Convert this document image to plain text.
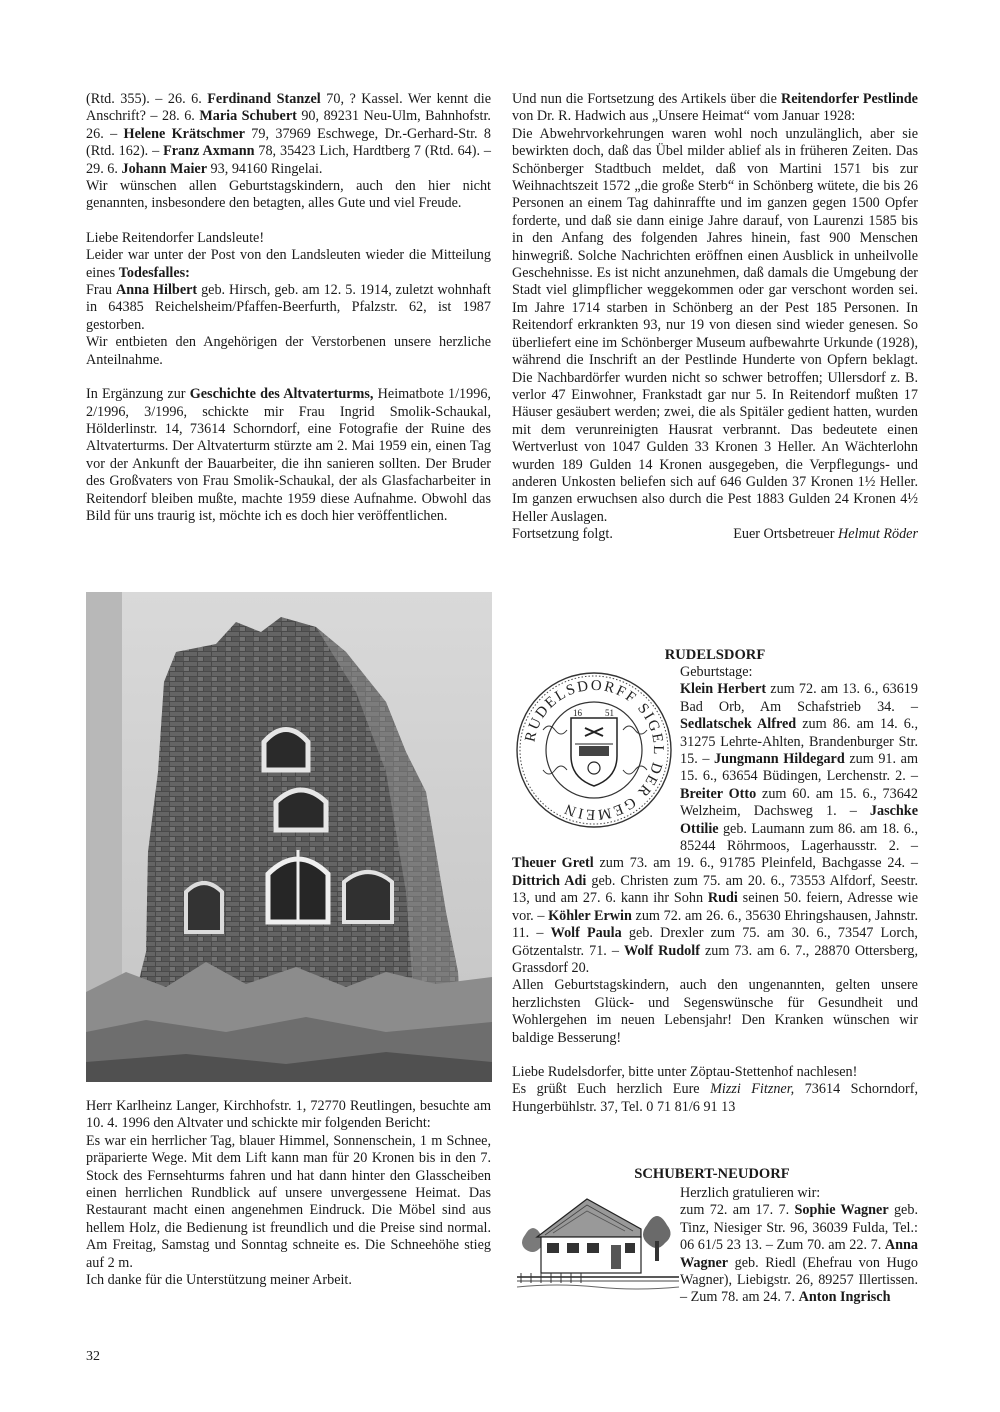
(Rtd. 355). – 26. 6. Ferdinand Stanzel 70, ? Kassel. Wer kennt die Anschrift? – 28. 6. Maria Schubert 90, 89231 Neu-Ulm, Bahnhofstr. 26. – Helene Krätschmer 79, 37969 Eschwege, Dr.-Gerhard-Str. 8 (Rtd. 162). – Franz Axmann 78, 35423 Lich, Hardtberg 7 (Rtd. 64). – 29. 6. Johann Maier 93, 94160 Ringelai.

Wir wünschen allen Geburtstagskindern, auch den hier nicht genannten, insbesondere den betagten, alles Gute und viel Freude.

Liebe Reitendorfer Landsleute!

Leider war unter der Post von den Landsleuten wieder die Mitteilung eines Todesfalles:

Frau Anna Hilbert geb. Hirsch, geb. am 12. 5. 1914, zuletzt wohnhaft in 64385 Reichelsheim/Pfaffen-Beerfurth, Pfalzstr. 62, ist 1987 gestorben.

Wir entbieten den Angehörigen der Verstorbenen unsere herzliche Anteilnahme.

In Ergänzung zur Geschichte des Altvaterturms, Heimatbote 1/1996, 2/1996, 3/1996, schickte mir Frau Ingrid Smolik-Schaukal, Hölderlinstr. 14, 73614 Schorndorf, eine Fotografie der Ruine des Altvaterturms. Der Altvaterturm stürzte am 2. Mai 1959 ein, einen Tag vor der Ankunft der Bauarbeiter, die ihn sanieren sollten. Der Bruder des Großvaters von Frau Smolik-Schaukal, der als Glasfacharbeiter in Reitendorf bleiben mußte, machte 1959 diese Aufnahme. Obwohl das Bild für uns traurig ist, möchte ich es doch hier veröffentlichen.

Herr Karlheinz Langer, Kirchhofstr. 1, 72770 Reutlingen, besuchte am 10. 4. 1996 den Altvater und schickte mir folgenden Bericht:

Es war ein herrlicher Tag, blauer Himmel, Sonnenschein, 1 m Schnee, präparierte Wege. Mit dem Lift kann man für 20 Kronen bis in den 7. Stock des Fernsehturms fahren und hat dann hinter den Glasscheiben einen herrlichen Rundblick auf unsere unvergessene Heimat. Das Restaurant macht einen angenehmen Eindruck. Die Möbel sind aus hellem Holz, die Bedienung ist freundlich und die Preise sind normal. Am Freitag, Samstag und Sonntag schneite es. Die Schneehöhe stieg auf 2 m.

Ich danke für die Unterstützung meiner Arbeit.

32

Und nun die Fortsetzung des Artikels über die Reitendorfer Pestlinde von Dr. R. Hadwich aus „Unsere Heimat“ vom Januar 1928:

Die Abwehrvorkehrungen waren wohl noch unzulänglich, aber sie bewirkten doch, daß das Übel milder ablief als in früheren Zeiten. Das Schönberger Stadtbuch meldet, daß von Martini 1571 bis zur Weihnachtszeit 1572 „die große Sterb“ in Schönberg wütete, die bis 26 Personen an einem Tag dahinraffte und im ganzen gegen 1500 Opfer forderte, und daß sie dann einige Jahre darauf, von Laurenzi 1585 bis in den Anfang des folgenden Jahres hinein, fast 900 Menschen hinwegriß. Solche Nachrichten eröffnen einen Ausblick in unheilvolle Geschehnisse. Es ist nicht anzunehmen, daß damals die Umgebung der Stadt viel glimpflicher weggekommen oder gar verschont worden sei. Im Jahre 1714 starben in Schönberg an der Pest 185 Personen. In Reitendorf erkrankten 93, nur 19 von diesen sind wieder genesen. So überliefert eine im Schönberger Museum aufbewahrte Urkunde (1928), während die Inschrift an der Pestlinde Hunderte von Opfern beklagt. Die Nachbardörfer wurden nicht so schwer betroffen; Ullersdorf z. B. verlor 47 Einwohner, Frankstadt gar nur 5. In Reitendorf mußten 17 Häuser gesäubert werden; zwei, die als Spitäler gedient hatten, wurden mit dem verunreinigten Hausrat verbrannt. Das bedeutete einen Wertverlust von 1047 Gulden 33 Kronen 3 Heller. An Wächterlohn wurden 189 Gulden 14 Kronen ausgegeben, die Verpflegungs- und anderen Unkosten beliefen sich auf 646 Gulden 37 Kronen 1½ Heller. Im ganzen erwuchsen also durch die Pest 1883 Gulden 24 Kronen 4½ Heller Auslagen.

Fortsetzung folgt.	Euer Ortsbetreuer Helmut Röder
RUDELSDORF
RUDELSDORFF SIGEL DER GEMEIN
16	51
Geburtstage:

Klein Herbert zum 72. am 13. 6., 63619 Bad Orb, Am Schafstrieb 34. – Sedlatschek Alfred zum 86. am 14. 6., 31275 Lehrte-Ahlten, Brandenburger Str. 15. – Jungmann Hildegard zum 91. am 15. 6., 63654 Büdingen, Lerchenstr. 2. – Breiter Otto zum 60. am 15. 6., 73642 Welzheim, Dachsweg 1. – Jaschke Ottilie geb. Laumann zum 86. am 18. 6., 85244 Röhrmoos, Lagerhausstr. 2. – Theuer Gretl zum 73. am 19. 6., 91785 Pleinfeld, Bachgasse 24. – Dittrich Adi geb. Christen zum 75. am 20. 6., 73553 Alfdorf, Seestr. 13, und am 27. 6. kann ihr Sohn Rudi seinen 50. feiern, Adresse wie vor. – Köhler Erwin zum 72. am 26. 6., 35630 Ehringshausen, Jahnstr. 11. – Wolf Paula geb. Drexler zum 75. am 30. 6., 73547 Lorch, Götzentalstr. 71. – Wolf Rudolf zum 73. am 6. 7., 28870 Ottersberg, Grassdorf 20.

Allen Geburtstagskindern, auch den ungenannten, gelten unsere herzlichsten Glück- und Segenswünsche für Gesundheit und Wohlergehen im neuen Lebensjahr! Den Kranken wünschen wir baldige Besserung!

Liebe Rudelsdorfer, bitte unter Zöptau-Stettenhof nachlesen!

Es grüßt Euch herzlich Eure Mizzi Fitzner, 73614 Schorndorf, Hungerbühlstr. 37, Tel. 0 71 81/6 91 13

SCHUBERT-NEUDORF
Herzlich gratulieren wir:

zum 72. am 17. 7. Sophie Wagner geb. Tinz, Niesiger Str. 96, 36039 Fulda, Tel.: 06 61/5 23 13. – Zum 70. am 22. 7. Anna Wagner geb. Riedl (Ehefrau von Hugo Wagner), Liebigstr. 26, 89257 Illertissen. – Zum 78. am 24. 7. Anton Ingrisch
